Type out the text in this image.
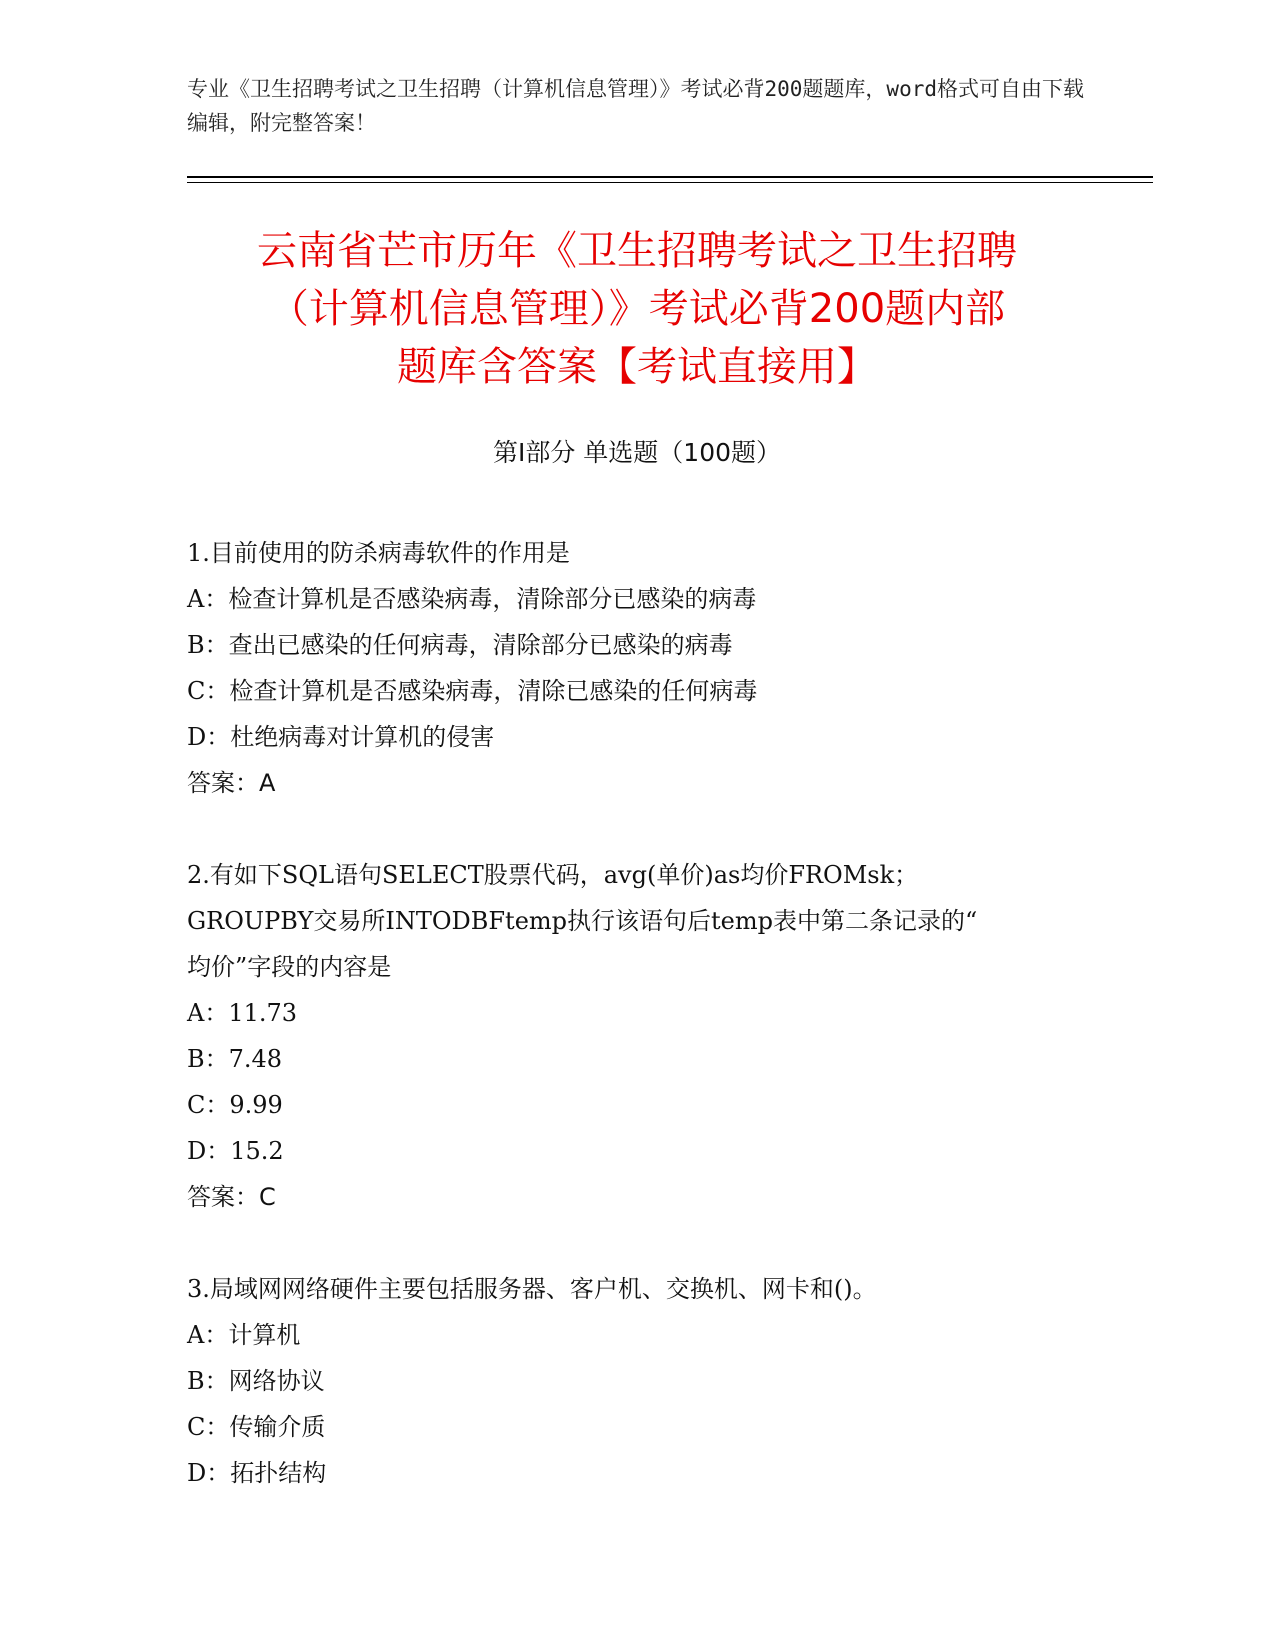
专业《卫生招聘考试之卫生招聘（计算机信息管理）》考试必背200题题库，word格式可自由下载编辑，附完整答案！
云南省芒市历年《卫生招聘考试之卫生招聘
（计算机信息管理）》考试必背200题内部
题库含答案【考试直接用】
第I部分 单选题（100题）
1.目前使用的防杀病毒软件的作用是
A：检查计算机是否感染病毒，清除部分已感染的病毒
B：查出已感染的任何病毒，清除部分已感染的病毒
C：检查计算机是否感染病毒，清除已感染的任何病毒
D：杜绝病毒对计算机的侵害
答案：A
2.有如下SQL语句SELECT股票代码，avg(单价)as均价FROMsk；
GROUPBY交易所INTODBFtemp执行该语句后temp表中第二条记录的“
均价”字段的内容是
A：11.73
B：7.48
C：9.99
D：15.2
答案：C
3.局域网网络硬件主要包括服务器、客户机、交换机、网卡和()。
A：计算机
B：网络协议
C：传输介质
D：拓扑结构
